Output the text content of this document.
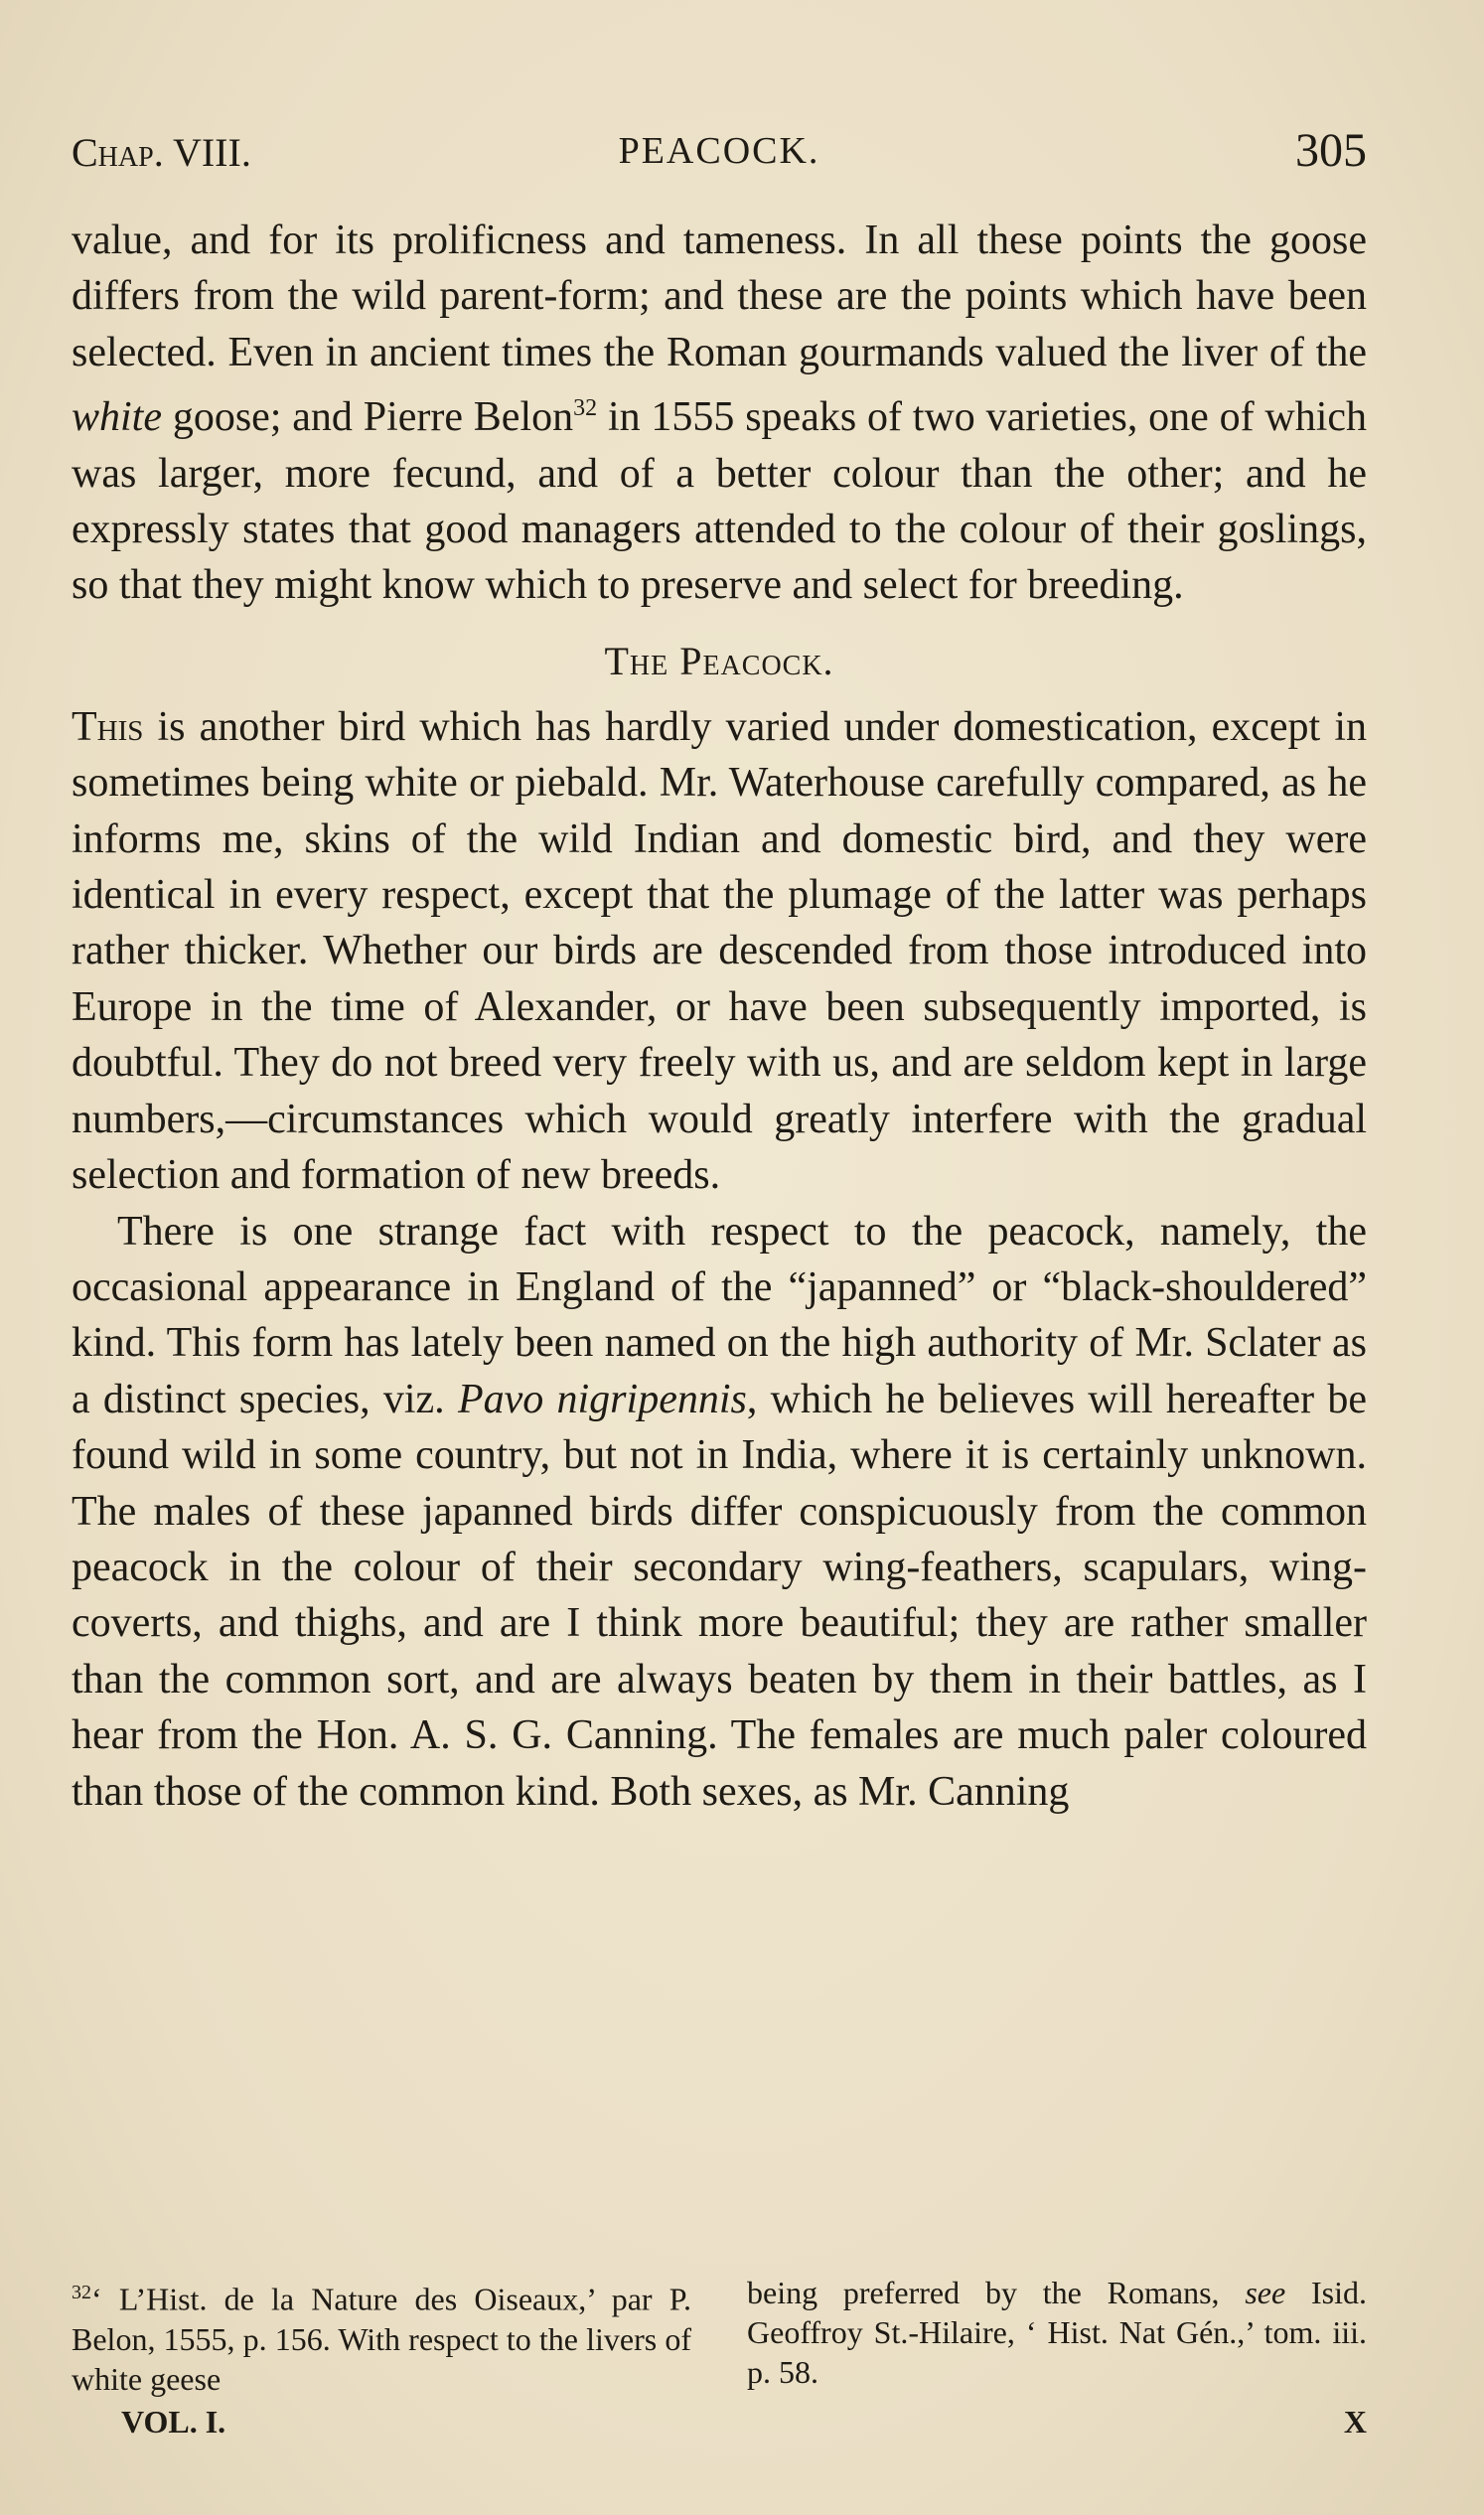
Chap. VIII.	PEACOCK.	305

value, and for its prolificness and tameness. In all these points the goose differs from the wild parent-form; and these are the points which have been selected. Even in ancient times the Roman gourmands valued the liver of the white goose; and Pierre Belon$^{32}$ in 1555 speaks of two varieties, one of which was larger, more fecund, and of a better colour than the other; and he expressly states that good managers attended to the colour of their goslings, so that they might know which to preserve and select for breeding.

The Peacock.

This is another bird which has hardly varied under domestication, except in sometimes being white or piebald. Mr. Waterhouse carefully compared, as he informs me, skins of the wild Indian and domestic bird, and they were identical in every respect, except that the plumage of the latter was perhaps rather thicker. Whether our birds are descended from those introduced into Europe in the time of Alexander, or have been subsequently imported, is doubtful. They do not breed very freely with us, and are seldom kept in large numbers,—circumstances which would greatly interfere with the gradual selection and formation of new breeds.

There is one strange fact with respect to the peacock, namely, the occasional appearance in England of the “japanned” or “black-shouldered” kind. This form has lately been named on the high authority of Mr. Sclater as a distinct species, viz. Pavo nigripennis, which he believes will hereafter be found wild in some country, but not in India, where it is certainly unknown. The males of these japanned birds differ conspicuously from the common peacock in the colour of their secondary wing-feathers, scapulars, wing-coverts, and thighs, and are I think more beautiful; they are rather smaller than the common sort, and are always beaten by them in their battles, as I hear from the Hon. A. S. G. Canning. The females are much paler coloured than those of the common kind. Both sexes, as Mr. Canning

$^{32}$‘ L’Hist. de la Nature des Oiseaux,’ par P. Belon, 1555, p. 156. With respect to the livers of white geese
being preferred by the Romans, see Isid. Geoffroy St.-Hilaire, ‘ Hist. Nat Gén.,’ tom. iii. p. 58.
VOL. I.	X
